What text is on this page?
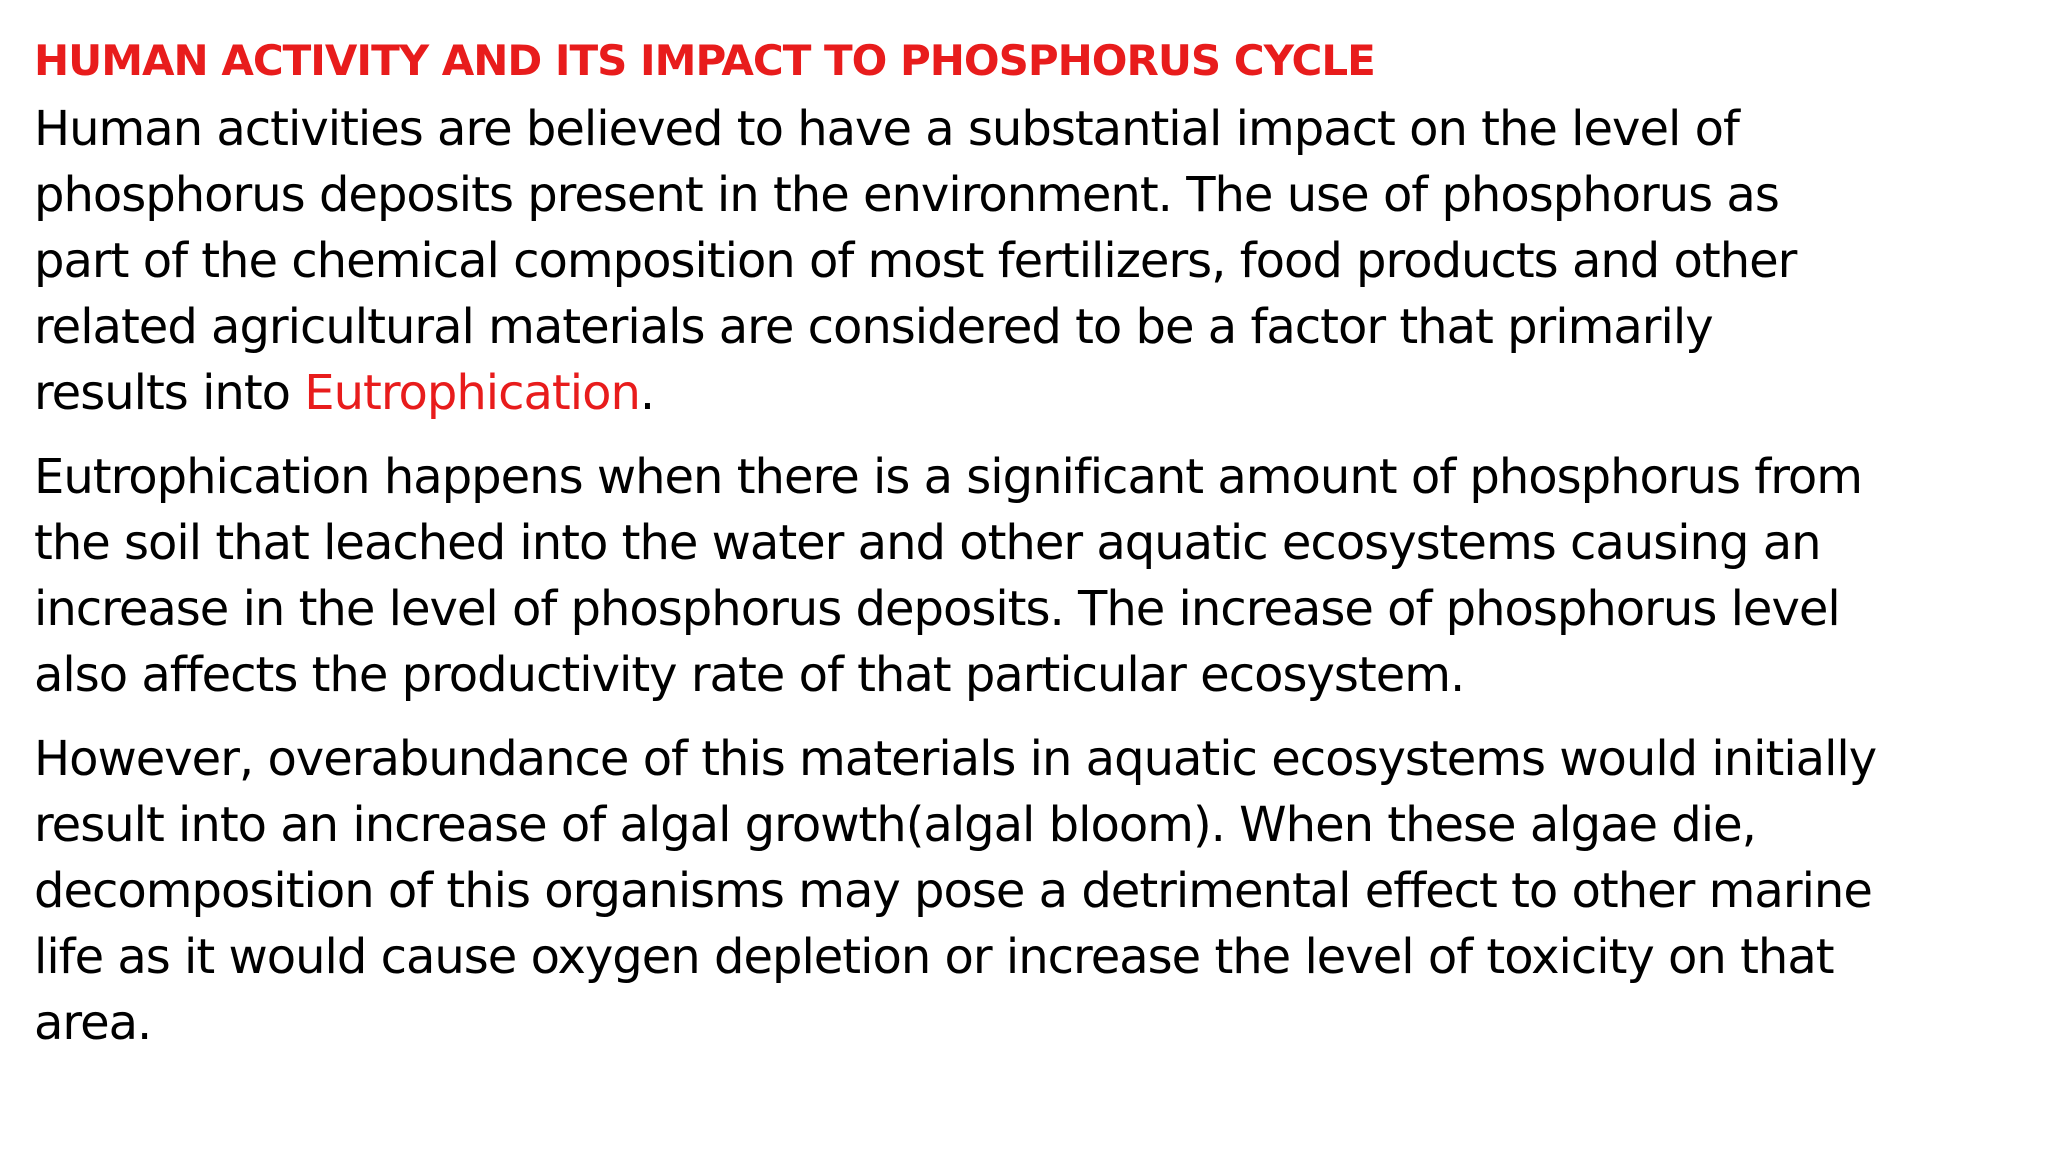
HUMAN ACTIVITY AND ITS IMPACT TO PHOSPHORUS CYCLE

Human activities are believed to have a substantial impact on the level of
phosphorus deposits present in the environment. The use of phosphorus as
part of the chemical composition of most fertilizers, food products and other
related agricultural materials are considered to be a factor that primarily
results into Eutrophication.

Eutrophication happens when there is a significant amount of phosphorus from
the soil that leached into the water and other aquatic ecosystems causing an
increase in the level of phosphorus deposits. The increase of phosphorus level
also affects the productivity rate of that particular ecosystem.

However, overabundance of this materials in aquatic ecosystems would initially
result into an increase of algal growth(algal bloom). When these algae die,
decomposition of this organisms may pose a detrimental effect to other marine
life as it would cause oxygen depletion or increase the level of toxicity on that
area.
